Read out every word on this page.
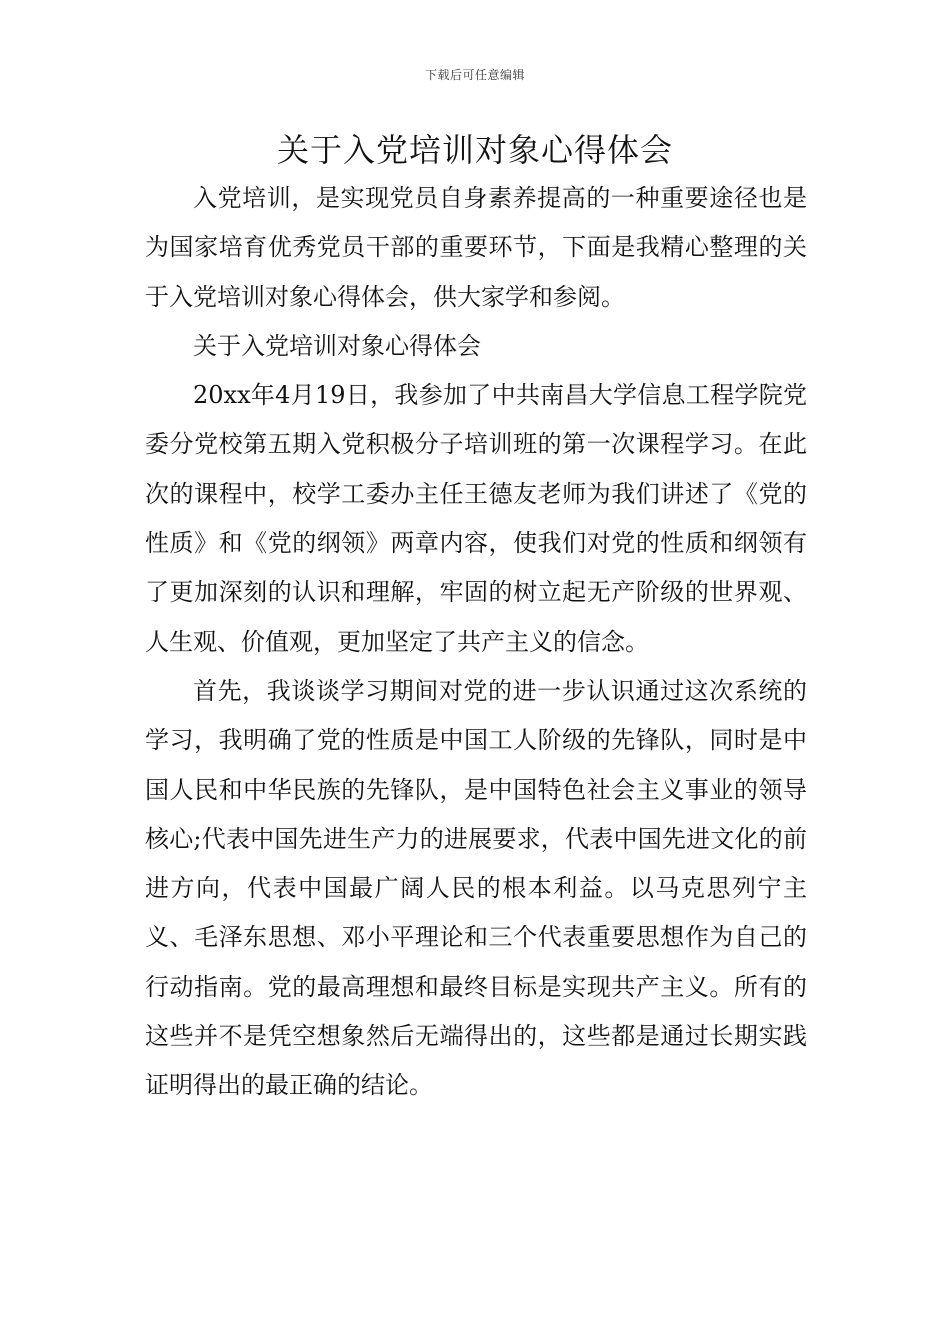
下载后可任意编辑
关于入党培训对象心得体会

入党培训，是实现党员自身素养提高的一种重要途径也是为国家培育优秀党员干部的重要环节，下面是我精心整理的关于入党培训对象心得体会，供大家学和参阅。

关于入党培训对象心得体会

20xx年4月19日，我参加了中共南昌大学信息工程学院党委分党校第五期入党积极分子培训班的第一次课程学习。在此次的课程中，校学工委办主任王德友老师为我们讲述了《党的性质》和《党的纲领》两章内容，使我们对党的性质和纲领有了更加深刻的认识和理解，牢固的树立起无产阶级的世界观、人生观、价值观，更加坚定了共产主义的信念。

首先，我谈谈学习期间对党的进一步认识通过这次系统的学习，我明确了党的性质是中国工人阶级的先锋队，同时是中国人民和中华民族的先锋队，是中国特色社会主义事业的领导核心;代表中国先进生产力的进展要求，代表中国先进文化的前进方向，代表中国最广阔人民的根本利益。以马克思列宁主义、毛泽东思想、邓小平理论和三个代表重要思想作为自己的行动指南。党的最高理想和最终目标是实现共产主义。所有的这些并不是凭空想象然后无端得出的，这些都是通过长期实践证明得出的最正确的结论。
